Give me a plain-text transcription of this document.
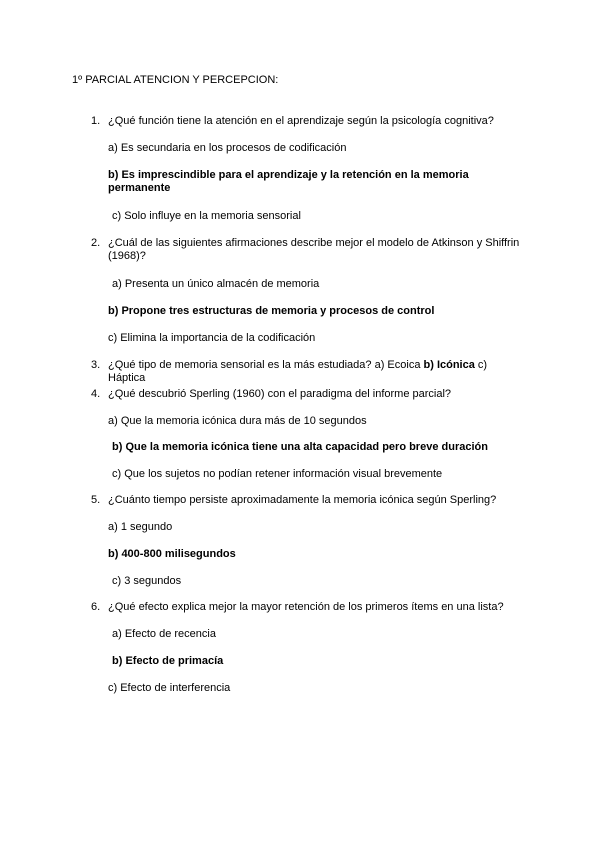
1º PARCIAL ATENCION Y PERCEPCION:
1. ¿Qué función tiene la atención en el aprendizaje según la psicología cognitiva?
a) Es secundaria en los procesos de codificación
b) Es imprescindible para el aprendizaje y la retención en la memoria permanente
c) Solo influye en la memoria sensorial
2. ¿Cuál de las siguientes afirmaciones describe mejor el modelo de Atkinson y Shiffrin (1968)?
a) Presenta un único almacén de memoria
b) Propone tres estructuras de memoria y procesos de control
c) Elimina la importancia de la codificación
3. ¿Qué tipo de memoria sensorial es la más estudiada? a) Ecoica b) Icónica c)
Háptica
4. ¿Qué descubrió Sperling (1960) con el paradigma del informe parcial?
a) Que la memoria icónica dura más de 10 segundos
b) Que la memoria icónica tiene una alta capacidad pero breve duración
c) Que los sujetos no podían retener información visual brevemente
5. ¿Cuánto tiempo persiste aproximadamente la memoria icónica según Sperling?
a) 1 segundo
b) 400-800 milisegundos
c) 3 segundos
6. ¿Qué efecto explica mejor la mayor retención de los primeros ítems en una lista?
a) Efecto de recencia
b) Efecto de primacía
c) Efecto de interferencia
